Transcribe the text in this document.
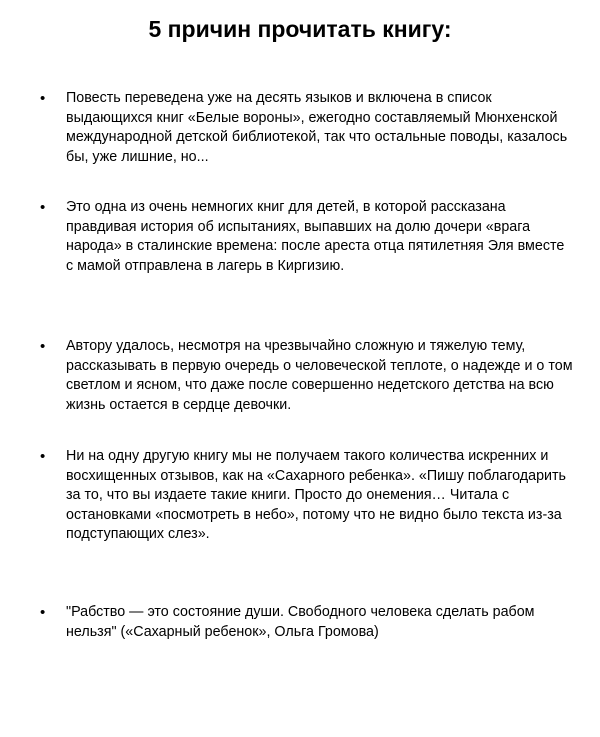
5 причин прочитать книгу:
•	Повесть переведена уже на десять языков и включена в список выдающихся книг «Белые вороны», ежегодно составляемый Мюнхенской международной детской библиотекой, так что остальные поводы, казалось бы, уже лишние, но...

•	Это одна из очень немногих книг для детей, в которой рассказана правдивая история об испытаниях, выпавших на долю дочери «врага народа» в сталинские времена: после ареста отца пятилетняя Эля вместе с мамой отправлена в лагерь в Киргизию.

•	Автору удалось, несмотря на чрезвычайно сложную и тяжелую тему, рассказывать в первую очередь о человеческой теплоте, о надежде и о том светлом и ясном, что даже после совершенно недетского детства на всю жизнь остается в сердце девочки.

•	Ни на одну другую книгу мы не получаем такого количества искренних и восхищенных отзывов, как на «Сахарного ребенка». «Пишу поблагодарить за то, что вы издаете такие книги. Просто до онемения… Читала с остановками «посмотреть в небо», потому что не видно было текста из-за подступающих слез».

•	"Рабство — это состояние души. Свободного человека сделать рабом нельзя" («Сахарный ребенок», Ольга Громова)
